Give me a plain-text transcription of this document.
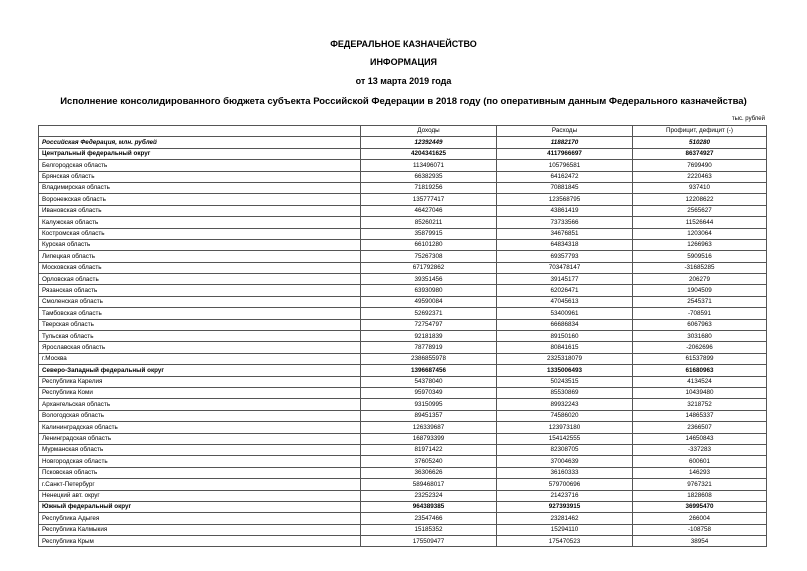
ФЕДЕРАЛЬНОЕ КАЗНАЧЕЙСТВО
ИНФОРМАЦИЯ
от 13 марта 2019 года
Исполнение консолидированного бюджета субъекта Российской Федерации в 2018 году (по оперативным данным Федерального казначейства)
тыс. рублей
	Доходы	Расходы	Профицит, дефицит (-)
Российская Федерация, млн. рублей	12392449	11882170	510280
Центральный федеральный округ	4204341625	4117966697	86374927
Белгородская область	113496071	105796581	7699490
Брянская область	66382935	64162472	2220463
Владимирская область	71819256	70881845	937410
Воронежская область	135777417	123568795	12208622
Ивановская область	46427046	43861419	2565627
Калужская область	85260211	73733566	11526644
Костромская область	35879915	34676851	1203064
Курская область	66101280	64834318	1266963
Липецкая область	75267308	69357793	5909516
Московская область	671792862	703478147	-31685285
Орловская область	39351456	39145177	206279
Рязанская область	63930980	62026471	1904509
Смоленская область	49590084	47045613	2545371
Тамбовская область	52692371	53400961	-708591
Тверская область	72754797	66686834	6067963
Тульская область	92181839	89150160	3031680
Ярославская область	78778919	80841615	-2062696
г.Москва	2386855978	2325318079	61537899
Северо-Западный федеральный округ	1396687456	1335006493	61680963
Республика Карелия	54378040	50243515	4134524
Республика Коми	95970349	85530869	10439480
Архангельская область	93150995	89932243	3218752
Вологодская область	89451357	74586020	14865337
Калининградская область	126339687	123973180	2366507
Ленинградская область	168793399	154142555	14650843
Мурманская область	81971422	82308705	-337283
Новгородская область	37605240	37004639	600601
Псковская область	36306626	36160333	146293
г.Санкт-Петербург	589468017	579700696	9767321
Ненецкий авт. округ	23252324	21423716	1828608
Южный федеральный округ	964389385	927393915	36995470
Республика Адыгея	23547466	23281462	266004
Республика Калмыкия	15185352	15294110	-108758
Республика Крым	175509477	175470523	38954
